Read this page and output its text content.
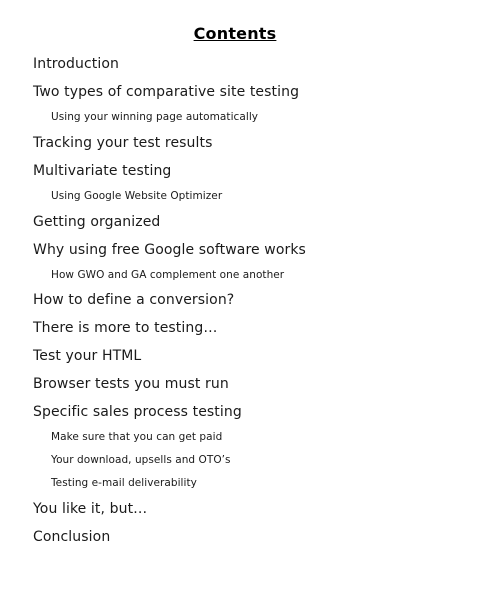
Contents
Introduction
Two types of comparative site testing
Using your winning page automatically
Tracking your test results
Multivariate testing
Using Google Website Optimizer
Getting organized
Why using free Google software works
How GWO and GA complement one another
How to define a conversion?
There is more to testing…
Test your HTML
Browser tests you must run
Specific sales process testing
Make sure that you can get paid
Your download, upsells and OTO’s
Testing e-mail deliverability
You like it, but…
Conclusion
